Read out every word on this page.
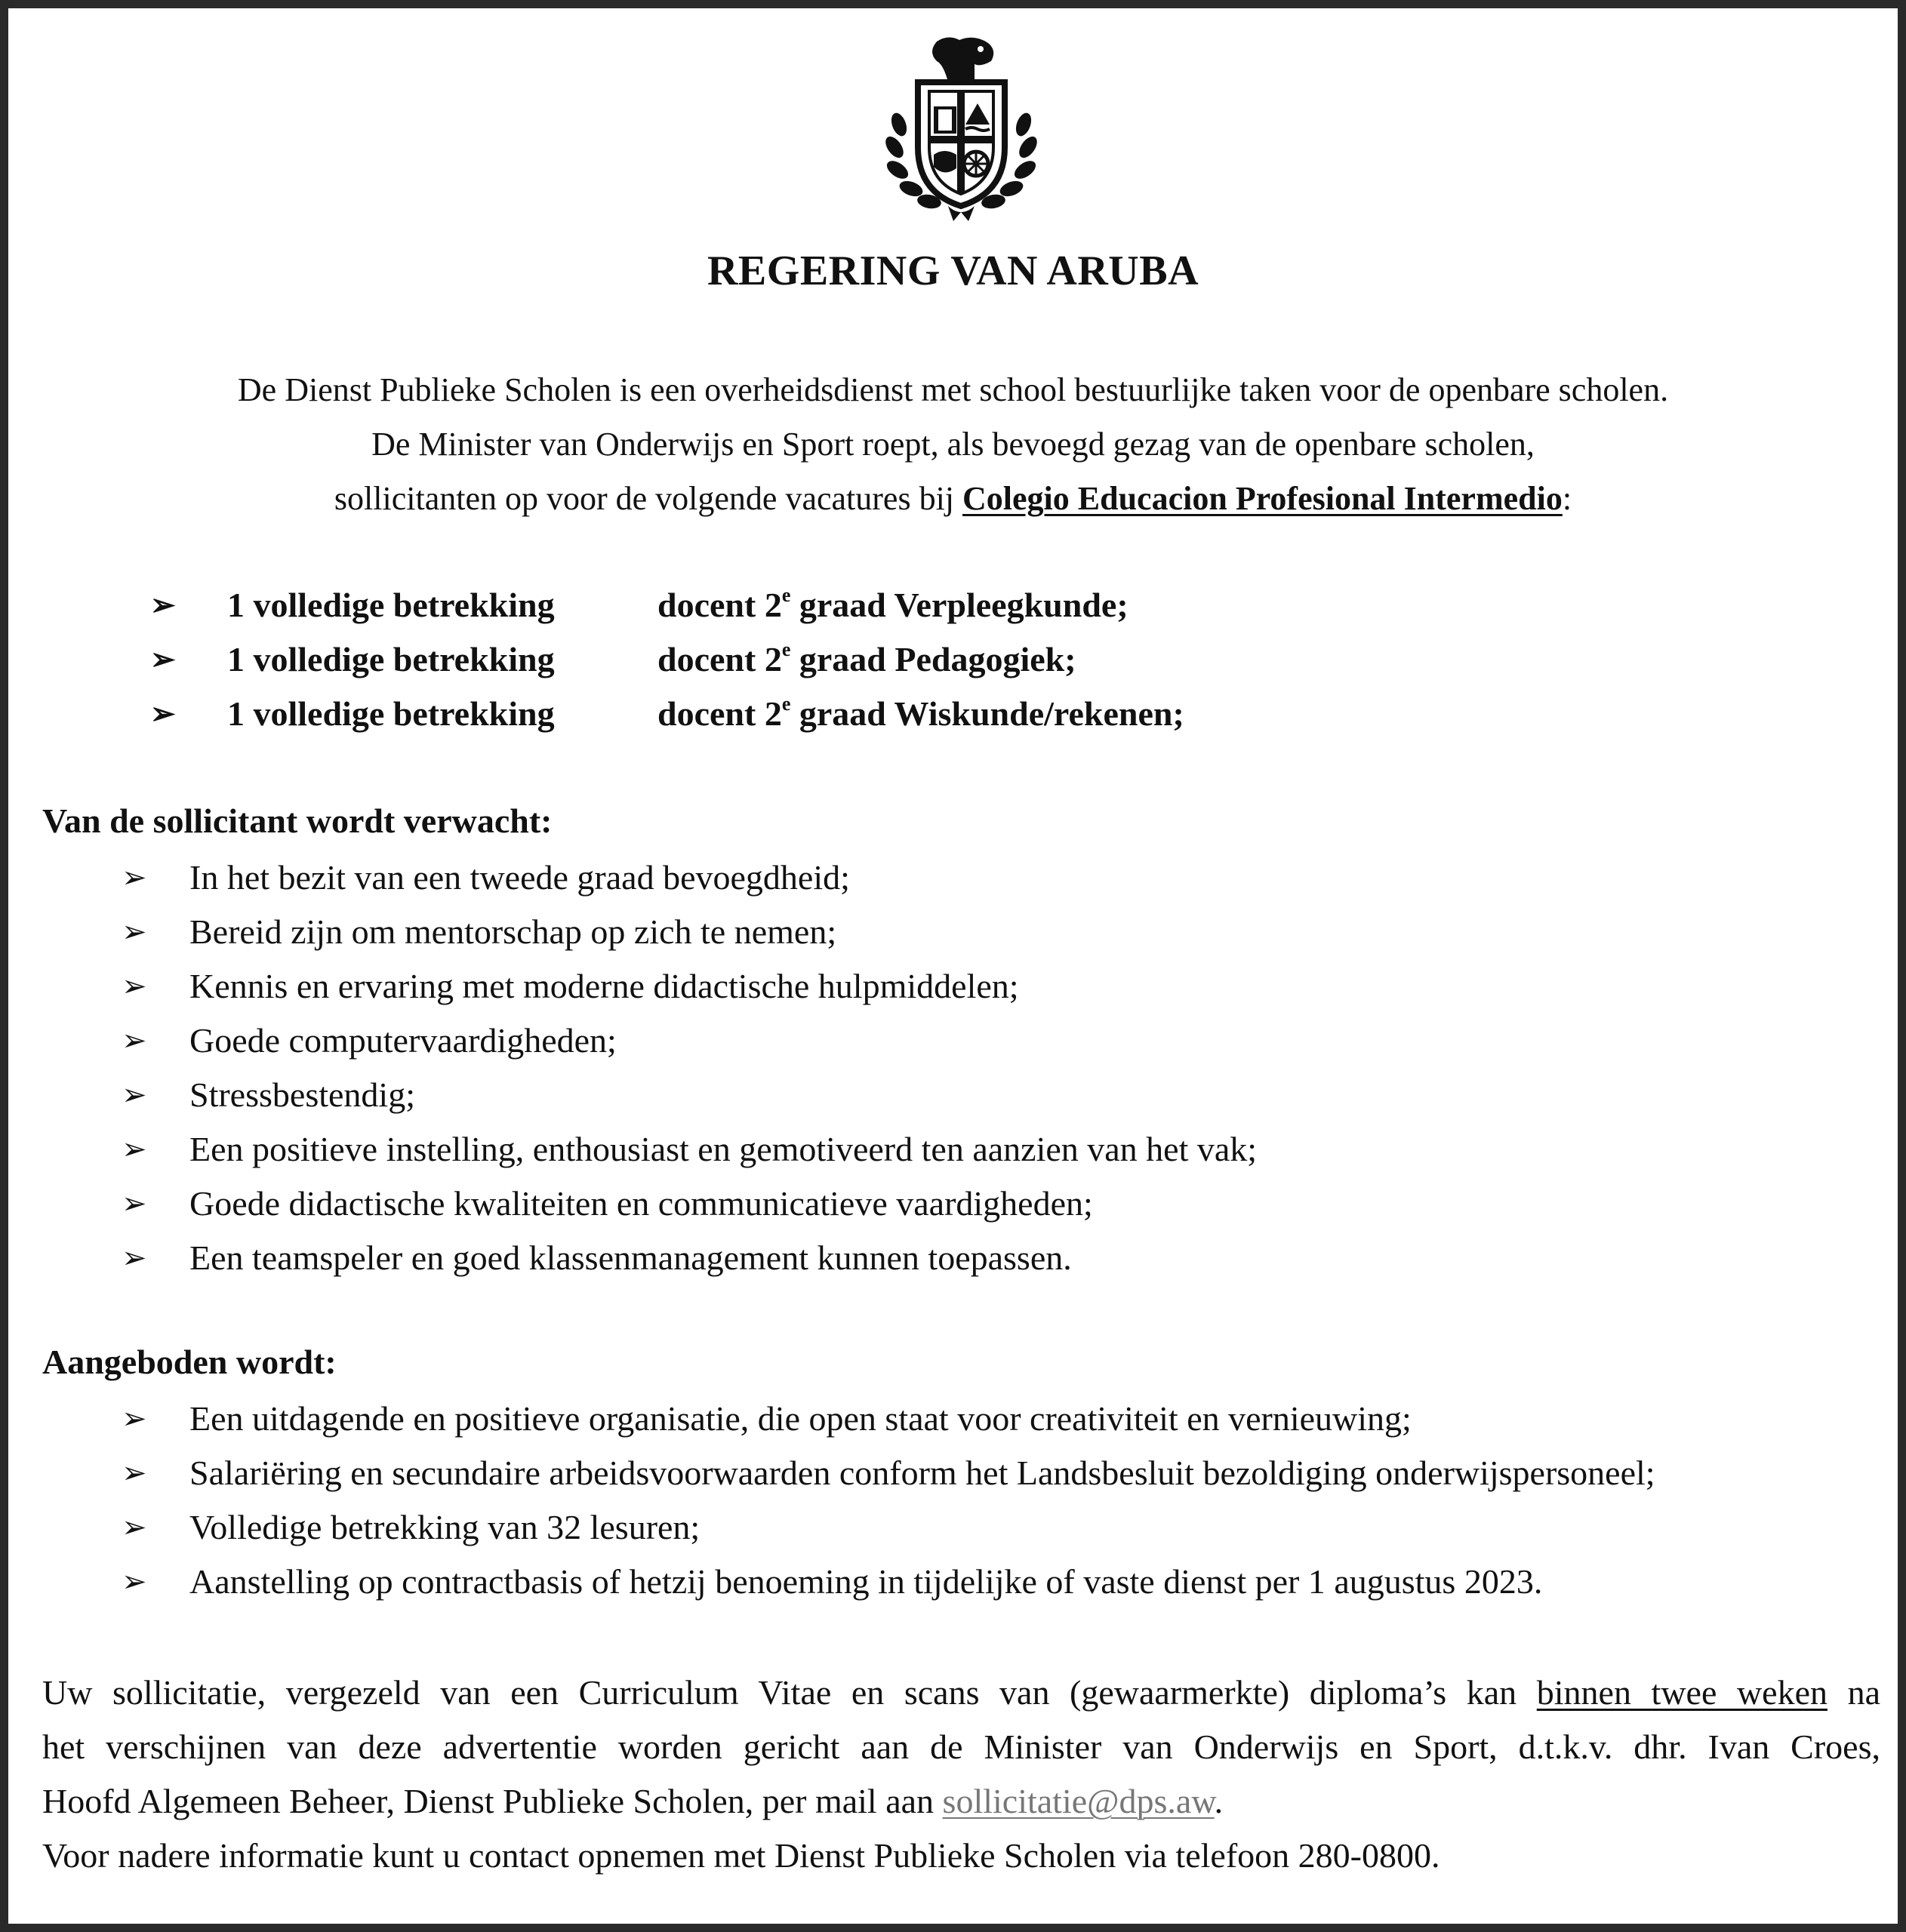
REGERING VAN ARUBA
De Dienst Publieke Scholen is een overheidsdienst met school bestuurlijke taken voor de openbare scholen.
De Minister van Onderwijs en Sport roept, als bevoegd gezag van de openbare scholen,
sollicitanten op voor de volgende vacatures bij Colegio Educacion Profesional Intermedio:
➢ 1 volledige betrekking	docent 2e graad Verpleegkunde;
➢ 1 volledige betrekking	docent 2e graad Pedagogiek;
➢ 1 volledige betrekking	docent 2e graad Wiskunde/rekenen;
Van de sollicitant wordt verwacht:
➢ In het bezit van een tweede graad bevoegdheid;
➢ Bereid zijn om mentorschap op zich te nemen;
➢ Kennis en ervaring met moderne didactische hulpmiddelen;
➢ Goede computervaardigheden;
➢ Stressbestendig;
➢ Een positieve instelling, enthousiast en gemotiveerd ten aanzien van het vak;
➢ Goede didactische kwaliteiten en communicatieve vaardigheden;
➢ Een teamspeler en goed klassenmanagement kunnen toepassen.
Aangeboden wordt:
➢ Een uitdagende en positieve organisatie, die open staat voor creativiteit en vernieuwing;
➢ Salariëring en secundaire arbeidsvoorwaarden conform het Landsbesluit bezoldiging onderwijspersoneel;
➢ Volledige betrekking van 32 lesuren;
➢ Aanstelling op contractbasis of hetzij benoeming in tijdelijke of vaste dienst per 1 augustus 2023.
Uw sollicitatie, vergezeld van een Curriculum Vitae en scans van (gewaarmerkte) diploma’s kan binnen twee weken na
het verschijnen van deze advertentie worden gericht aan de Minister van Onderwijs en Sport, d.t.k.v. dhr. Ivan Croes,
Hoofd Algemeen Beheer, Dienst Publieke Scholen, per mail aan sollicitatie@dps.aw.
Voor nadere informatie kunt u contact opnemen met Dienst Publieke Scholen via telefoon 280-0800.
